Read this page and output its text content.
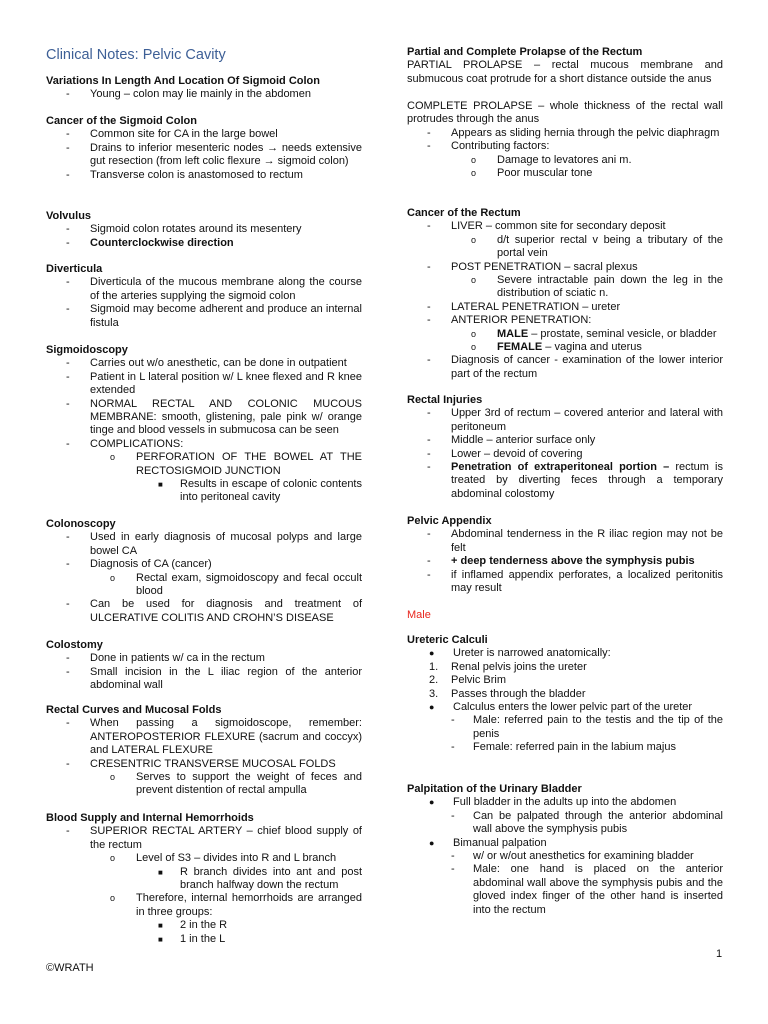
Clinical Notes: Pelvic Cavity
Variations In Length And Location Of Sigmoid Colon
-	Young – colon may lie mainly in the abdomen
Cancer of the Sigmoid Colon
-	Common site for CA in the large bowel
-	Drains to inferior mesenteric nodes → needs extensive gut resection (from left colic flexure → sigmoid colon)
-	Transverse colon is anastomosed to rectum
Volvulus
-	Sigmoid colon rotates around its mesentery
-	Counterclockwise direction
Diverticula
-	Diverticula of the mucous membrane along the course of the arteries supplying the sigmoid colon
-	Sigmoid may become adherent and produce an internal fistula
Sigmoidoscopy
-	Carries out w/o anesthetic, can be done in outpatient
-	Patient in L lateral position w/ L knee flexed and R knee extended
-	NORMAL RECTAL AND COLONIC MUCOUS MEMBRANE: smooth, glistening, pale pink w/ orange tinge and blood vessels in submucosa can be seen
-	COMPLICATIONS:
o	PERFORATION OF THE BOWEL AT THE RECTOSIGMOID JUNCTION
■	Results in escape of colonic contents into peritoneal cavity
Colonoscopy
-	Used in early diagnosis of mucosal polyps and large bowel CA
-	Diagnosis of CA (cancer)
o	Rectal exam, sigmoidoscopy and fecal occult blood
-	Can be used for diagnosis and treatment of ULCERATIVE COLITIS AND CROHN’S DISEASE
Colostomy
-	Done in patients w/ ca in the rectum
-	Small incision in the L iliac region of the anterior abdominal wall
Rectal Curves and Mucosal Folds
-	When passing a sigmoidoscope, remember: ANTEROPOSTERIOR FLEXURE (sacrum and coccyx) and LATERAL FLEXURE
-	CRESENTRIC TRANSVERSE MUCOSAL FOLDS
o	Serves to support the weight of feces and prevent distention of rectal ampulla
Blood Supply and Internal Hemorrhoids
-	SUPERIOR RECTAL ARTERY – chief blood supply of the rectum
o	Level of S3 – divides into R and L branch
■	R branch divides into ant and post branch halfway down the rectum
o	Therefore, internal hemorrhoids are arranged in three groups:
■	2 in the R
■	1 in the L
Partial and Complete Prolapse of the Rectum
PARTIAL PROLAPSE – rectal mucous membrane and submucous coat protrude for a short distance outside the anus
COMPLETE PROLAPSE – whole thickness of the rectal wall protrudes through the anus
-	Appears as sliding hernia through the pelvic diaphragm
-	Contributing factors:
o	Damage to levatores ani m.
o	Poor muscular tone
Cancer of the Rectum
-	LIVER – common site for secondary deposit
o	d/t superior rectal v being a tributary of the portal vein
-	POST PENETRATION – sacral plexus
o	Severe intractable pain down the leg in the distribution of sciatic n.
-	LATERAL PENETRATION – ureter
-	ANTERIOR PENETRATION:
o	MALE – prostate, seminal vesicle, or bladder
o	FEMALE – vagina and uterus
-	Diagnosis of cancer - examination of the lower interior part of the rectum
Rectal Injuries
-	Upper 3rd of rectum – covered anterior and lateral with peritoneum
-	Middle – anterior surface only
-	Lower – devoid of covering
-	Penetration of extraperitoneal portion – rectum is treated by diverting feces through a temporary abdominal colostomy
Pelvic Appendix
-	Abdominal tenderness in the R iliac region may not be felt
-	+ deep tenderness above the symphysis pubis
-	if inflamed appendix perforates, a localized peritonitis may result
Male
Ureteric Calculi
●	Ureter is narrowed anatomically:
1.	Renal pelvis joins the ureter
2.	Pelvic Brim
3.	Passes through the bladder
●	Calculus enters the lower pelvic part of the ureter
-	Male: referred pain to the testis and the tip of the penis
-	Female: referred pain in the labium majus
Palpitation of the Urinary Bladder
●	Full bladder in the adults up into the abdomen
-	Can be palpated through the anterior abdominal wall above the symphysis pubis
●	Bimanual palpation
-	w/ or w/out anesthetics for examining bladder
-	Male: one hand is placed on the anterior abdominal wall above the symphysis pubis and the gloved index finger of the other hand is inserted into the rectum
©WRATH
1
